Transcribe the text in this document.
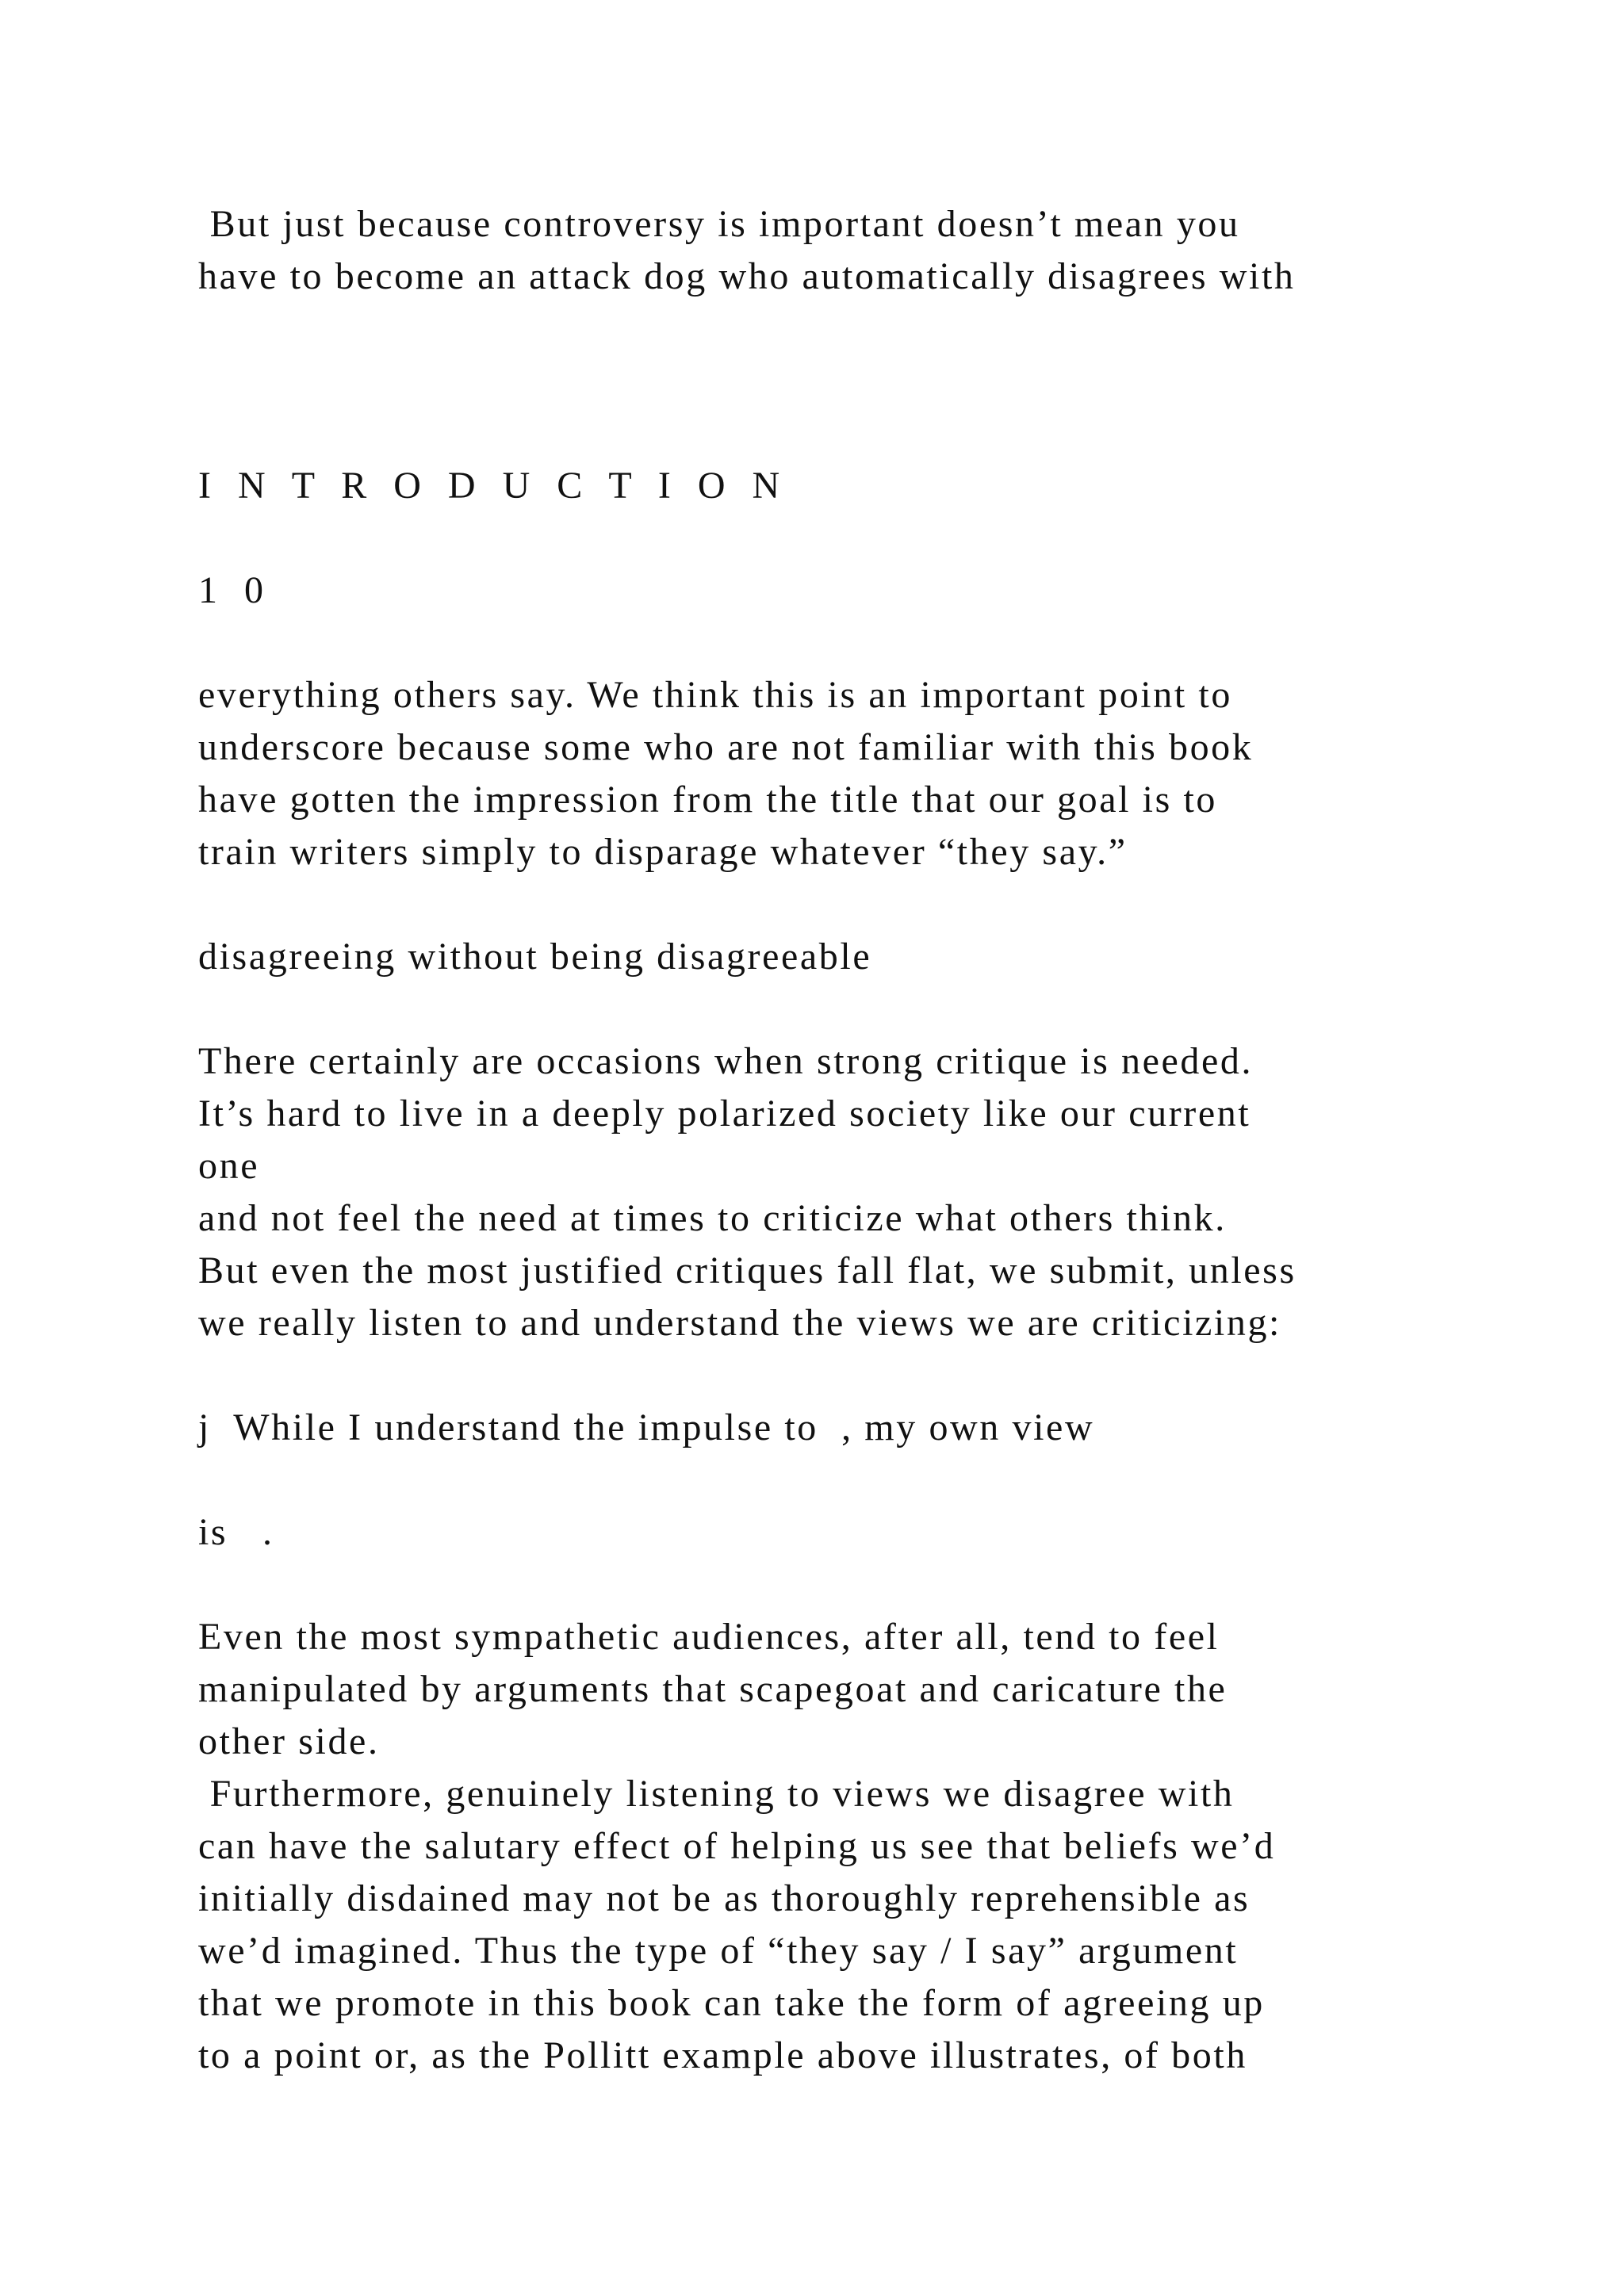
But just because controversy is important doesn’t mean you

have to become an attack dog who automatically disagrees with

I N T R O D U C T I O N

1 0

everything others say. We think this is an important point to

underscore because some who are not familiar with this book

have gotten the impression from the title that our goal is to

train writers simply to disparage whatever “they say.”

disagreeing without being disagreeable

There certainly are occasions when strong critique is needed.

It’s hard to live in a deeply polarized society like our current

one

and not feel the need at times to criticize what others think.

But even the most justified critiques fall flat, we submit, unless

we really listen to and understand the views we are criticizing:

j  While I understand the impulse to  , my own view

is   .

Even the most sympathetic audiences, after all, tend to feel

manipulated by arguments that scapegoat and caricature the

other side.

Furthermore, genuinely listening to views we disagree with

can have the salutary effect of helping us see that beliefs we’d

initially disdained may not be as thoroughly reprehensible as

we’d imagined. Thus the type of “they say / I say” argument

that we promote in this book can take the form of agreeing up

to a point or, as the Pollitt example above illustrates, of both
